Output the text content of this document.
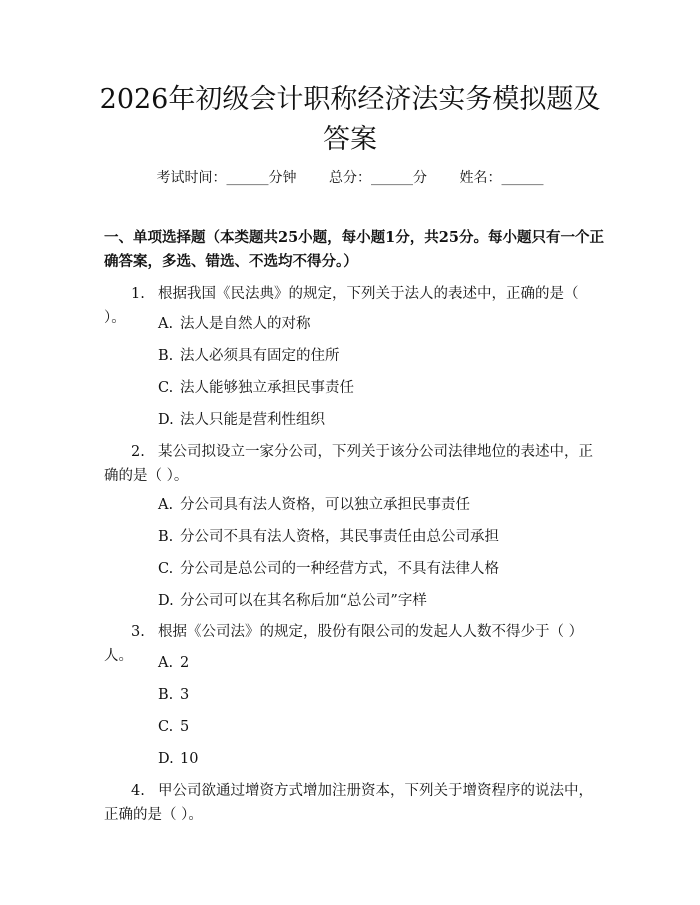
2026年初级会计职称经济法实务模拟题及答案
考试时间：______分钟 总分：______分 姓名：______

一、单项选择题（本类题共25小题，每小题1分，共25分。每小题只有一个正确答案，多选、错选、不选均不得分。）

1. 根据我国《民法典》的规定，下列关于法人的表述中，正确的是（ ）。	A. 法人是自然人的对称
B. 法人必须具有固定的住所
C. 法人能够独立承担民事责任
D. 法人只能是营利性组织
2. 某公司拟设立一家分公司，下列关于该分公司法律地位的表述中，正确的是（ ）。
A. 分公司具有法人资格，可以独立承担民事责任
B. 分公司不具有法人资格，其民事责任由总公司承担
C. 分公司是总公司的一种经营方式，不具有法律人格
D. 分公司可以在其名称后加“总公司”字样
3. 根据《公司法》的规定，股份有限公司的发起人人数不得少于（ ）人。	A. 2
B. 3
C. 5
D. 10
4. 甲公司欲通过增资方式增加注册资本，下列关于增资程序的说法中，正确的是（ ）。
